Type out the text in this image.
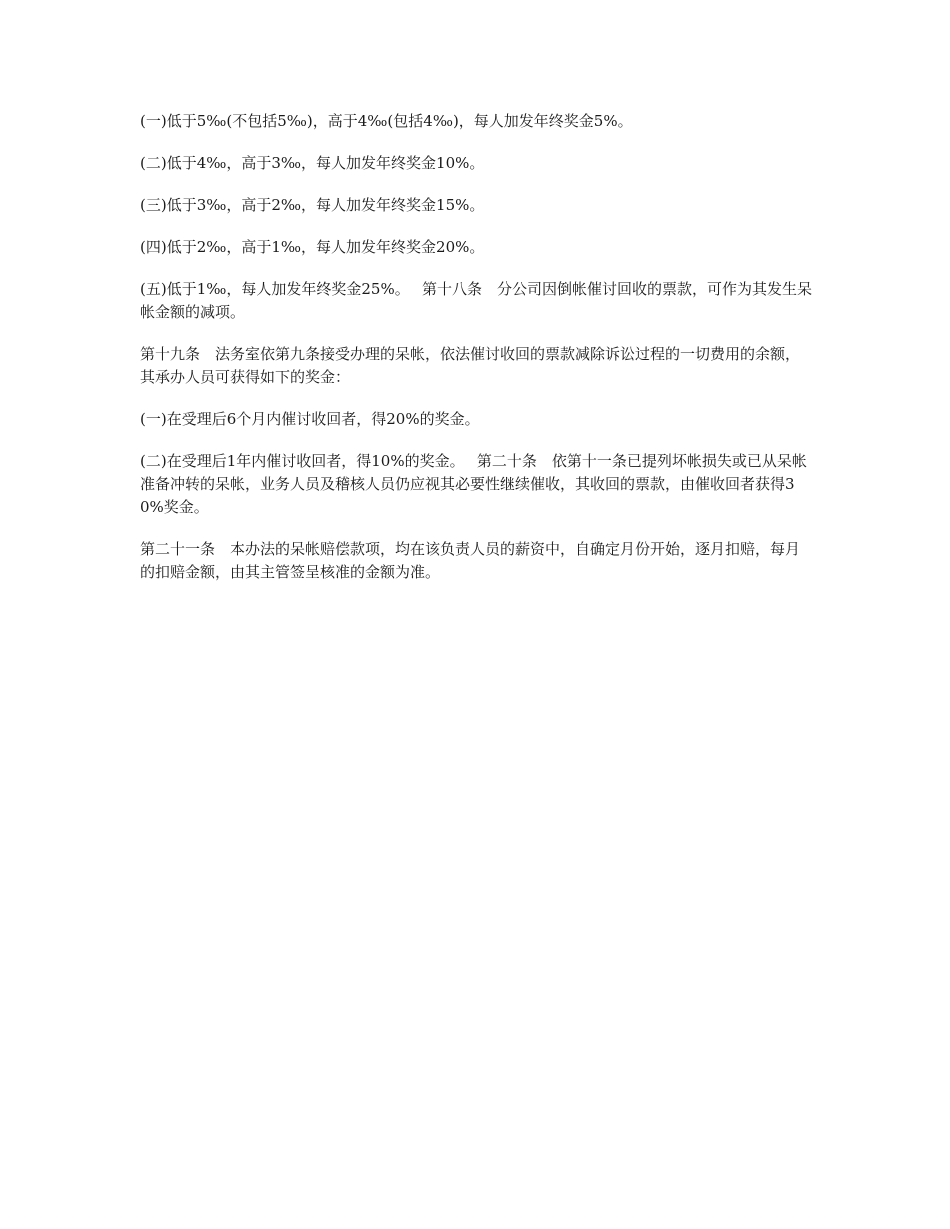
(一)低于5‰(不包括5‰)，高于4‰(包括4‰)，每人加发年终奖金5%。

(二)低于4‰，高于3‰，每人加发年终奖金10%。

(三)低于3‰，高于2‰，每人加发年终奖金15%。

(四)低于2‰，高于1‰，每人加发年终奖金20%。

(五)低于1‰，每人加发年终奖金25%。　 第十八条　分公司因倒帐催讨回收的票款，可作为其发生呆帐金额的减项。

第十九条　法务室依第九条接受办理的呆帐，依法催讨收回的票款减除诉讼过程的一切费用的余额，其承办人员可获得如下的奖金：

(一)在受理后6个月内催讨收回者，得20%的奖金。

(二)在受理后1年内催讨收回者，得10%的奖金。　 第二十条　依第十一条已提列坏帐损失或已从呆帐准备冲转的呆帐，业务人员及稽核人员仍应视其必要性继续催收，其收回的票款，由催收回者获得30%奖金。

第二十一条　本办法的呆帐赔偿款项，均在该负责人员的薪资中，自确定月份开始，逐月扣赔，每月的扣赔金额，由其主管签呈核准的金额为准。
